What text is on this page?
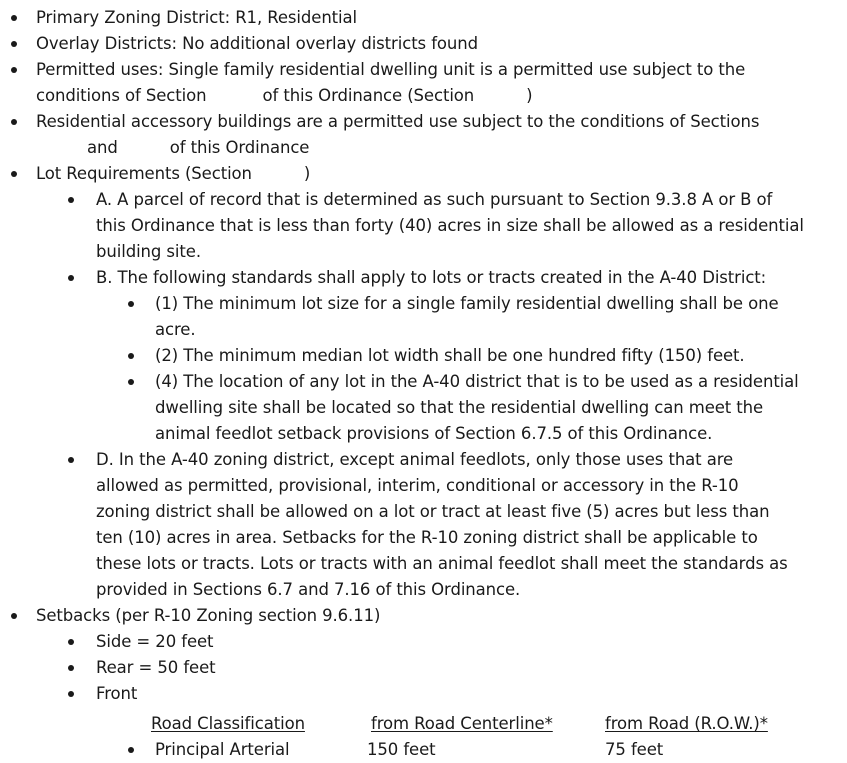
Primary Zoning District: R1, Residential
Overlay Districts: No additional overlay districts found
Permitted uses: Single family residential dwelling unit is a permitted use subject to the
conditions of Section	of this Ordinance (Section	)
Residential accessory buildings are a permitted use subject to the conditions of Sections
and	of this Ordinance
Lot Requirements (Section	)
A. A parcel of record that is determined as such pursuant to Section 9.3.8 A or B of
this Ordinance that is less than forty (40) acres in size shall be allowed as a residential
building site.
B. The following standards shall apply to lots or tracts created in the A-40 District:
(1) The minimum lot size for a single family residential dwelling shall be one
acre.
(2) The minimum median lot width shall be one hundred fifty (150) feet.
(4) The location of any lot in the A-40 district that is to be used as a residential
dwelling site shall be located so that the residential dwelling can meet the
animal feedlot setback provisions of Section 6.7.5 of this Ordinance.
D. In the A-40 zoning district, except animal feedlots, only those uses that are
allowed as permitted, provisional, interim, conditional or accessory in the R-10
zoning district shall be allowed on a lot or tract at least five (5) acres but less than
ten (10) acres in area. Setbacks for the R-10 zoning district shall be applicable to
these lots or tracts. Lots or tracts with an animal feedlot shall meet the standards as
provided in Sections 6.7 and 7.16 of this Ordinance.
Setbacks (per R-10 Zoning section 9.6.11)
Side = 20 feet
Rear = 50 feet
Front
Road Classification	from Road Centerline*	from Road (R.O.W.)*
Principal Arterial	150 feet	75 feet
